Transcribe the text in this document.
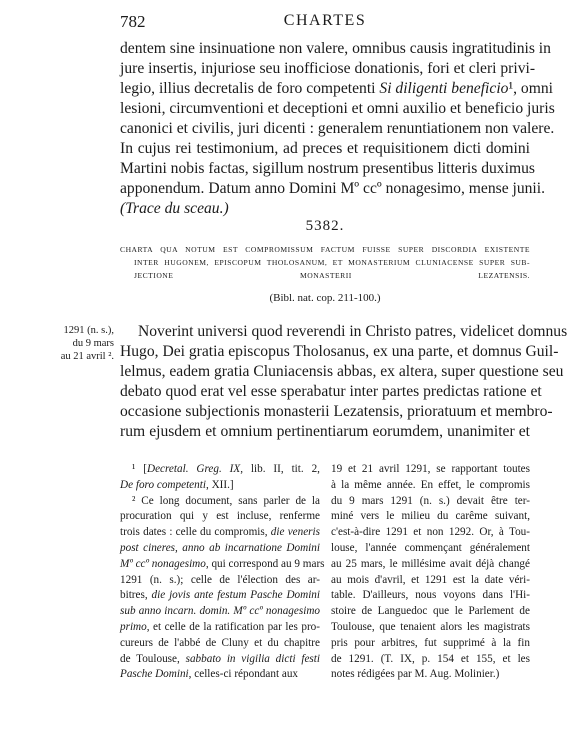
782	CHARTES
dentem sine insinuatione non valere, omnibus causis ingratitudinis in
jure insertis, injuriose seu inofficiose donationis, fori et cleri privi-
legio, illius decretalis de foro competenti Si diligenti beneficio¹, omni
lesioni, circumventioni et deceptioni et omni auxilio et beneficio juris
canonici et civilis, juri dicenti : generalem renuntiationem non valere.
In cujus rei testimonium, ad preces et requisitionem dicti domini
Martini nobis factas, sigillum nostrum presentibus litteris duximus
apponendum. Datum anno Domini Mº ccº nonagesimo, mense junii.
(Trace du sceau.)
5382.
CHARTA QUA NOTUM EST COMPROMISSUM FACTUM FUISSE SUPER DISCORDIA EXISTENTE
INTER HUGONEM, EPISCOPUM THOLOSANUM, ET MONASTERIUM CLUNIACENSE SUPER SUB-
JECTIONE MONASTERII LEZATENSIS.
(Bibl. nat. cop. 211-100.)
1291 (n. s.),
du 9 mars
au 21 avril ².
Noverint universi quod reverendi in Christo patres, videlicet domnus
Hugo, Dei gratia episcopus Tholosanus, ex una parte, et domnus Guil-
lelmus, eadem gratia Cluniacensis abbas, ex altera, super questione seu
debato quod erat vel esse sperabatur inter partes predictas ratione et
occasione subjectionis monasterii Lezatensis, prioratuum et membro-
rum ejusdem et omnium pertinentiarum eorumdem, unanimiter et
¹ [Decretal. Greg. IX, lib. II, tit. 2,
De foro competenti, XII.]
² Ce long document, sans parler de la
procuration qui y est incluse, renferme
trois dates : celle du compromis, die veneris
post cineres, anno ab incarnatione Domini
Mº ccº nonagesimo, qui correspond au 9 mars
1291 (n. s.); celle de l'élection des ar-
bitres, die jovis ante festum Pasche Domini
sub anno incarn. domin. Mº ccº nonagesimo
primo, et celle de la ratification par les pro-
cureurs de l'abbé de Cluny et du chapitre
de Toulouse, sabbato in vigilia dicti festi
Pasche Domini, celles-ci répondant aux
19 et 21 avril 1291, se rapportant toutes
à la même année. En effet, le compromis
du 9 mars 1291 (n. s.) devait être ter-
miné vers le milieu du carême suivant,
c'est-à-dire 1291 et non 1292. Or, à Tou-
louse, l'année commençant généralement
au 25 mars, le millésime avait déjà changé
au mois d'avril, et 1291 est la date véri-
table. D'ailleurs, nous voyons dans l'Hi-
stoire de Languedoc que le Parlement de
Toulouse, que tenaient alors les magistrats
pris pour arbitres, fut supprimé à la fin
de 1291. (T. IX, p. 154 et 155, et les
notes rédigées par M. Aug. Molinier.)
